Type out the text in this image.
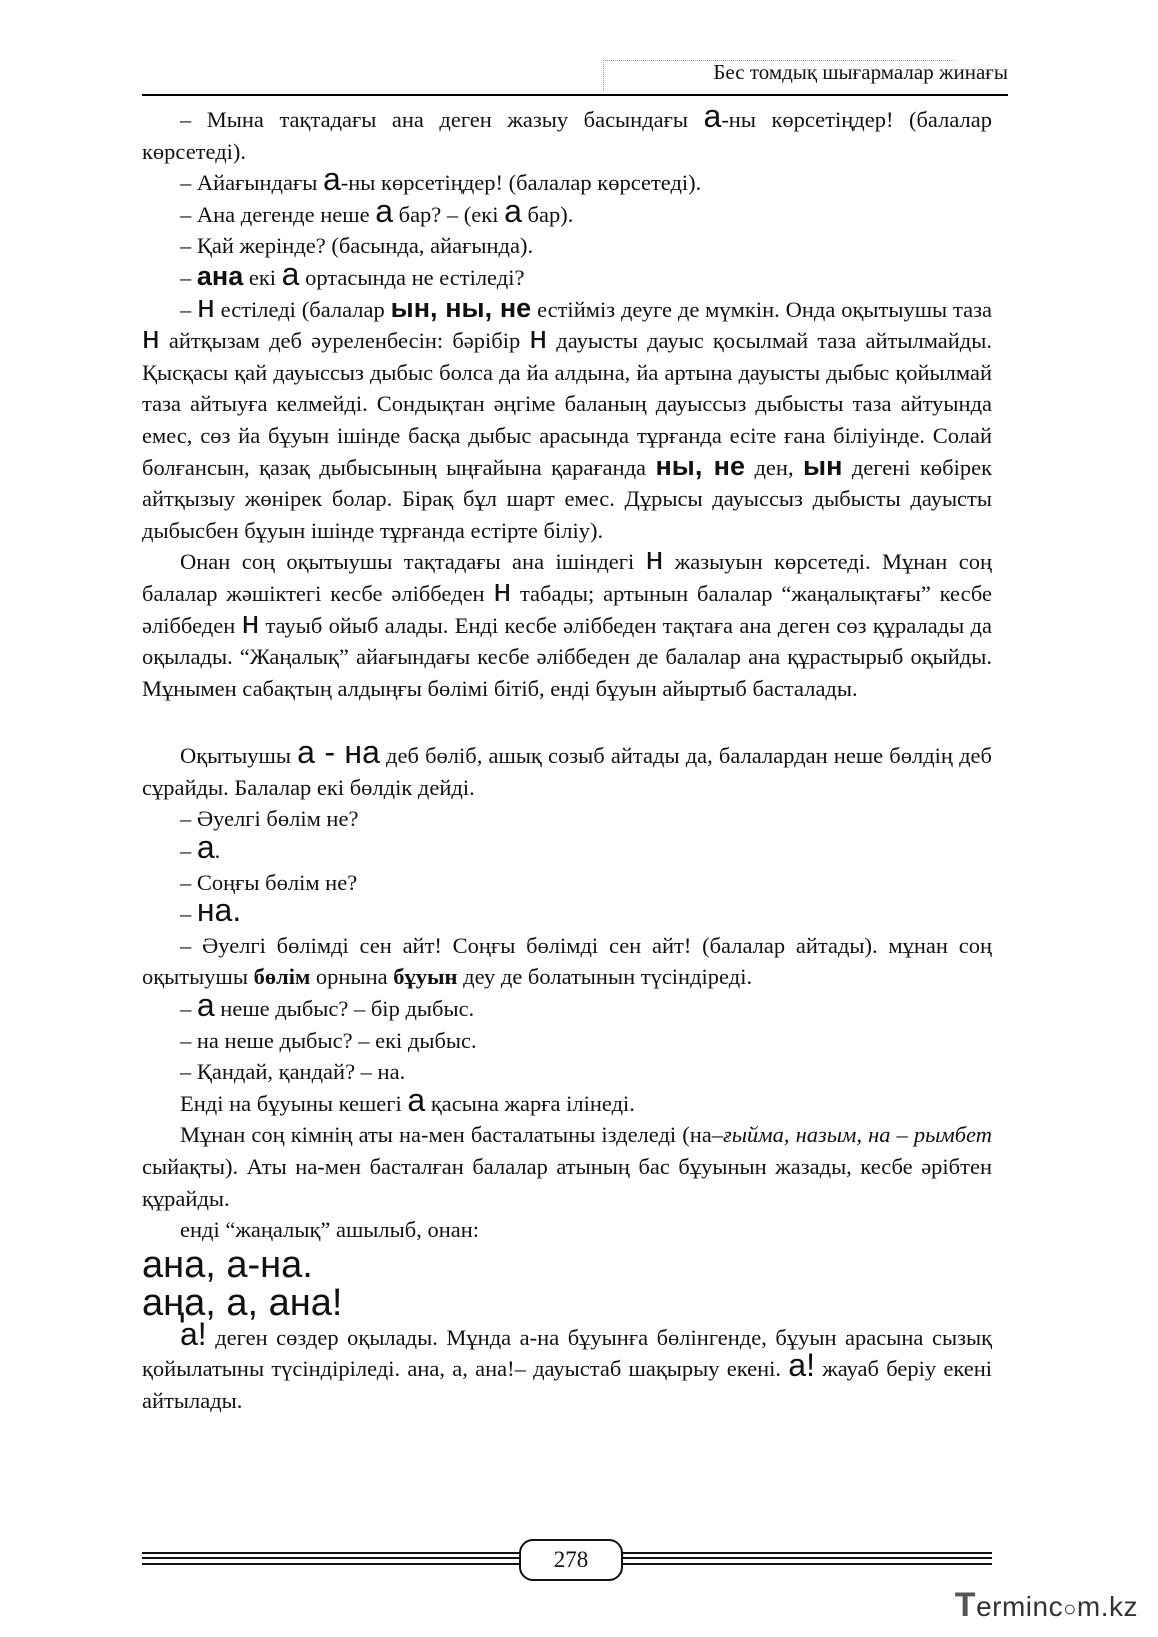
Бес томдық шығармалар жинағы

– Мына тақтадағы ана деген жазыу басындағы а-ны көрсетіңдер! (балалар көрсетеді).

– Айағындағы а-ны көрсетіңдер! (балалар көрсетеді).

– Ана дегенде неше а бар? – (екі а бар).

– Қай жерінде? (басында, айағында).

– ана екі а ортасында не естіледі?

– н естіледі (балалар ын, ны, не естійміз деуге де мүмкін. Онда оқытыушы таза н айтқызам деб әуреленбесін: бәрібір н дауысты дауыс қосылмай таза айтылмайды. Қысқасы қай дауыссыз дыбыс болса да йа алдына, йа артына дауысты дыбыс қойылмай таза айтыуға келмейді. Сондықтан әңгіме баланың дауыссыз дыбысты таза айтуында емес, сөз йа бұуын ішінде басқа дыбыс арасында тұрғанда есіте ғана біліуінде. Солай болғансын, қазақ дыбысының ыңғайына қарағанда ны, не ден, ын дегені көбірек айтқызыу жөнірек болар. Бірақ бұл шарт емес. Дұрысы дауыссыз дыбысты дауысты дыбысбен бұуын ішінде тұрғанда естірте біліу).

Онан соң оқытыушы тақтадағы ана ішіндегі н жазыуын көрсетеді. Мұнан соң балалар жәшіктегі кесбе әліббеден н табады; артынын балалар “жаңалықтағы” кесбе әліббеден н тауыб ойыб алады. Енді кесбе әліббеден тақтаға ана деген сөз құралады да оқылады. “Жаңалық” айағындағы кесбе әліббеден де балалар ана құрастырыб оқыйды. Мұнымен сабақтың алдыңғы бөлімі бітіб, енді бұуын айыртыб басталады.

Оқытыушы а - на деб бөліб, ашық созыб айтады да, балалардан неше бөлдің деб сұрайды. Балалар екі бөлдік дейді.

– Әуелгі бөлім не?

– а.

– Соңғы бөлім не?

– на.

– Әуелгі бөлімді сен айт! Соңғы бөлімді сен айт! (балалар айтады). мұнан соң оқытыушы бөлім орнына бұуын деу де болатынын түсіндіреді.

– а неше дыбыс? – бір дыбыс.

– на неше дыбыс? – екі дыбыс.

– Қандай, қандай? – на.

Енді на бұуыны кешегі а қасына жарға ілінеді.

Мұнан соң кімнің аты на-мен басталатыны ізделеді (на–ғыйма, назым, на – рымбет сыйақты). Аты на-мен басталған балалар атының бас бұуынын жазады, кесбе әрібтен құрайды.

енді “жаңалық” ашылыб, онан:

ана, а-на.

аңа, а, ана!

а! деген сөздер оқылады. Мұнда а-на бұуынға бөлінгенде, бұуын арасына сызық қойылатыны түсіндіріледі. ана, а, ана!– дауыстаб шақырыу екені. а! жауаб беріу екені айтылады.

278
Terminc○m.kz
